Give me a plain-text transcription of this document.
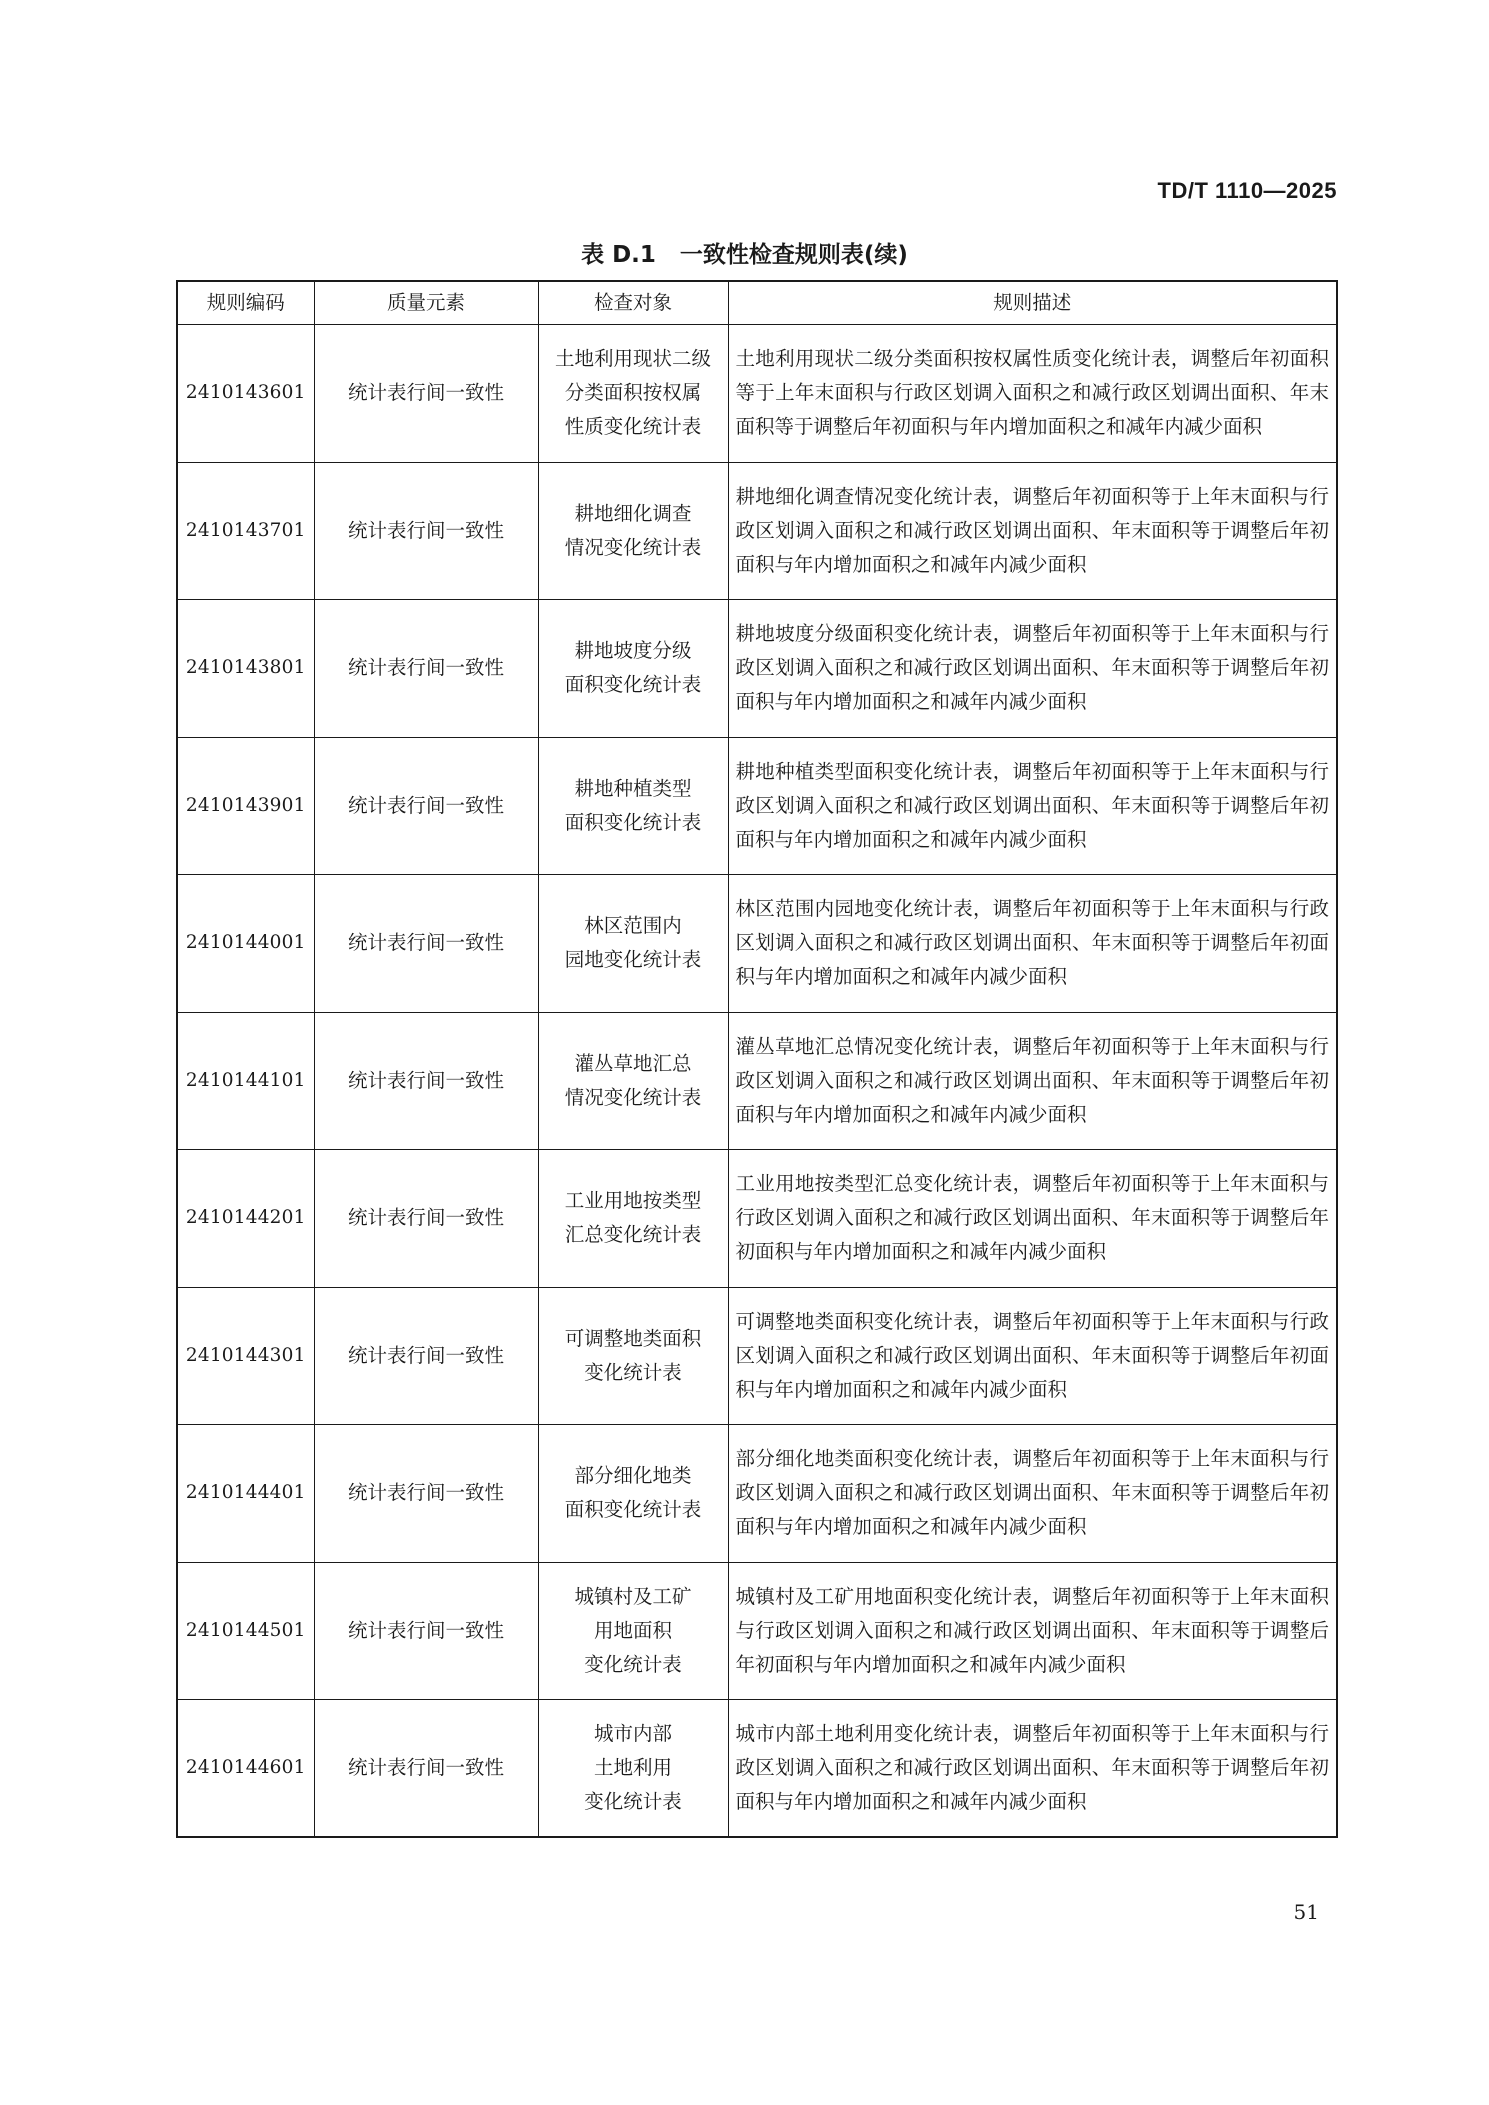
TD/T 1110—2025
表 D.1 一致性检查规则表(续)
规则编码	质量元素	检查对象	规则描述
2410143601	统计表行间一致性	土地利用现状二级
分类面积按权属
性质变化统计表	土地利用现状二级分类面积按权属性质变化统计表，调整后年初面积等于上年末面积与行政区划调入面积之和减行政区划调出面积、年末面积等于调整后年初面积与年内增加面积之和减年内减少面积
2410143701	统计表行间一致性	耕地细化调查
情况变化统计表	耕地细化调查情况变化统计表，调整后年初面积等于上年末面积与行政区划调入面积之和减行政区划调出面积、年末面积等于调整后年初面积与年内增加面积之和减年内减少面积
2410143801	统计表行间一致性	耕地坡度分级
面积变化统计表	耕地坡度分级面积变化统计表，调整后年初面积等于上年末面积与行政区划调入面积之和减行政区划调出面积、年末面积等于调整后年初面积与年内增加面积之和减年内减少面积
2410143901	统计表行间一致性	耕地种植类型
面积变化统计表	耕地种植类型面积变化统计表，调整后年初面积等于上年末面积与行政区划调入面积之和减行政区划调出面积、年末面积等于调整后年初面积与年内增加面积之和减年内减少面积
2410144001	统计表行间一致性	林区范围内
园地变化统计表	林区范围内园地变化统计表，调整后年初面积等于上年末面积与行政区划调入面积之和减行政区划调出面积、年末面积等于调整后年初面积与年内增加面积之和减年内减少面积
2410144101	统计表行间一致性	灌丛草地汇总
情况变化统计表	灌丛草地汇总情况变化统计表，调整后年初面积等于上年末面积与行政区划调入面积之和减行政区划调出面积、年末面积等于调整后年初面积与年内增加面积之和减年内减少面积
2410144201	统计表行间一致性	工业用地按类型
汇总变化统计表	工业用地按类型汇总变化统计表，调整后年初面积等于上年末面积与行政区划调入面积之和减行政区划调出面积、年末面积等于调整后年初面积与年内增加面积之和减年内减少面积
2410144301	统计表行间一致性	可调整地类面积
变化统计表	可调整地类面积变化统计表，调整后年初面积等于上年末面积与行政区划调入面积之和减行政区划调出面积、年末面积等于调整后年初面积与年内增加面积之和减年内减少面积
2410144401	统计表行间一致性	部分细化地类
面积变化统计表	部分细化地类面积变化统计表，调整后年初面积等于上年末面积与行政区划调入面积之和减行政区划调出面积、年末面积等于调整后年初面积与年内增加面积之和减年内减少面积
2410144501	统计表行间一致性	城镇村及工矿
用地面积
变化统计表	城镇村及工矿用地面积变化统计表，调整后年初面积等于上年末面积与行政区划调入面积之和减行政区划调出面积、年末面积等于调整后年初面积与年内增加面积之和减年内减少面积
2410144601	统计表行间一致性	城市内部
土地利用
变化统计表	城市内部土地利用变化统计表，调整后年初面积等于上年末面积与行政区划调入面积之和减行政区划调出面积、年末面积等于调整后年初面积与年内增加面积之和减年内减少面积
51
